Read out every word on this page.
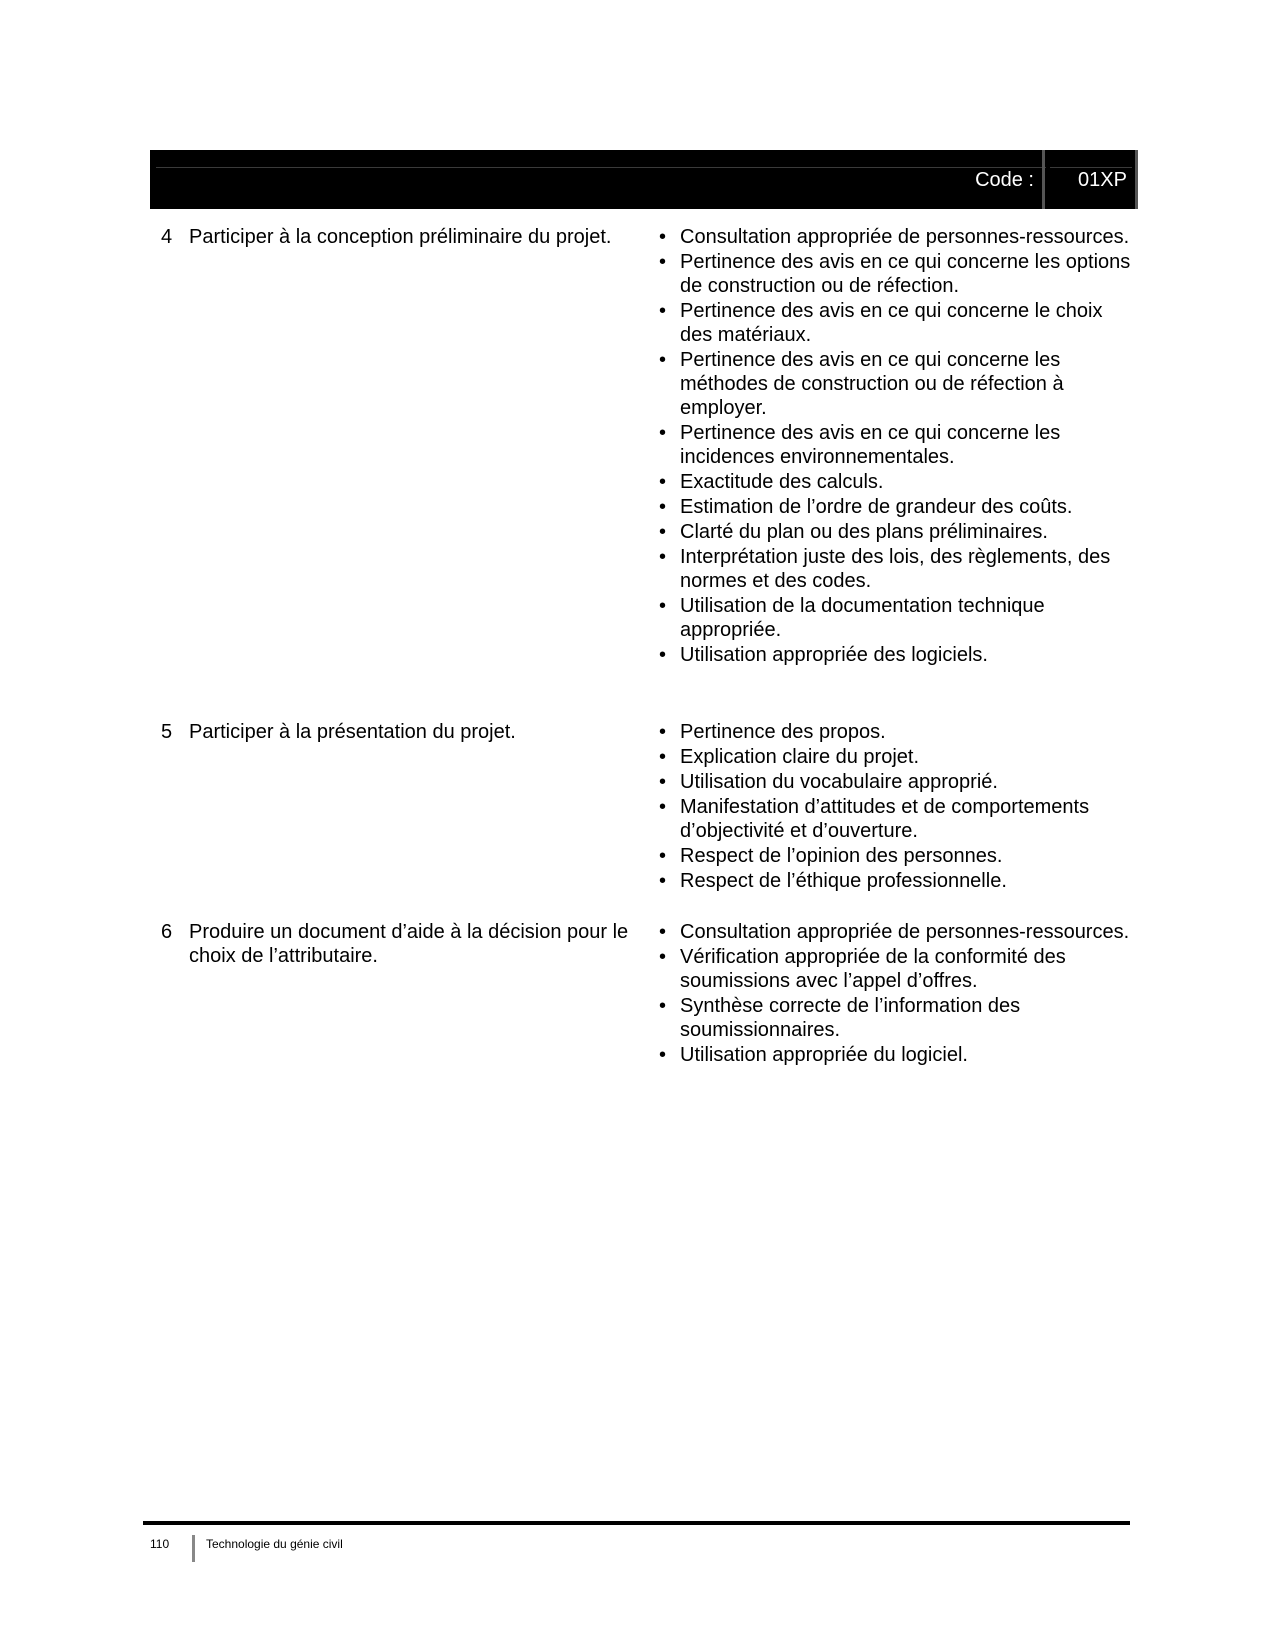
Code : 01XP
4 Participer à la conception préliminaire du projet.	• Consultation appropriée de personnes-ressources.
• Pertinence des avis en ce qui concerne les options de construction ou de réfection.
• Pertinence des avis en ce qui concerne le choix des matériaux.
• Pertinence des avis en ce qui concerne les méthodes de construction ou de réfection à employer.
• Pertinence des avis en ce qui concerne les incidences environnementales.
• Exactitude des calculs.
• Estimation de l’ordre de grandeur des coûts.
• Clarté du plan ou des plans préliminaires.
• Interprétation juste des lois, des règlements, des normes et des codes.
• Utilisation de la documentation technique appropriée.
• Utilisation appropriée des logiciels.
5 Participer à la présentation du projet.	• Pertinence des propos.
• Explication claire du projet.
• Utilisation du vocabulaire approprié.
• Manifestation d’attitudes et de comportements d’objectivité et d’ouverture.
• Respect de l’opinion des personnes.
• Respect de l’éthique professionnelle.
6 Produire un document d’aide à la décision pour le choix de l’attributaire.
• Consultation appropriée de personnes-ressources.
• Vérification appropriée de la conformité des soumissions avec l’appel d’offres.
• Synthèse correcte de l’information des soumissionnaires.
• Utilisation appropriée du logiciel.
110	Technologie du génie civil
